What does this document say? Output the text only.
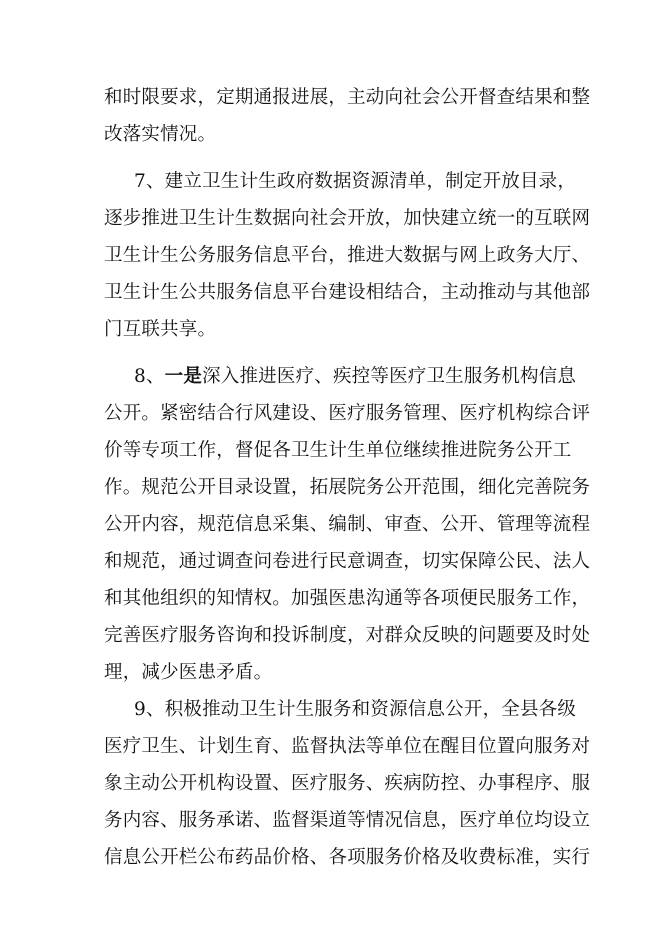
和时限要求，定期通报进展，主动向社会公开督查结果和整
改落实情况。
7、建立卫生计生政府数据资源清单，制定开放目录，
逐步推进卫生计生数据向社会开放，加快建立统一的互联网
卫生计生公务服务信息平台，推进大数据与网上政务大厅、
卫生计生公共服务信息平台建设相结合，主动推动与其他部
门互联共享。
8、一是深入推进医疗、疾控等医疗卫生服务机构信息
公开。紧密结合行风建设、医疗服务管理、医疗机构综合评
价等专项工作，督促各卫生计生单位继续推进院务公开工
作。规范公开目录设置，拓展院务公开范围，细化完善院务
公开内容，规范信息采集、编制、审查、公开、管理等流程
和规范，通过调查问卷进行民意调查，切实保障公民、法人
和其他组织的知情权。加强医患沟通等各项便民服务工作，
完善医疗服务咨询和投诉制度，对群众反映的问题要及时处
理，减少医患矛盾。
9、积极推动卫生计生服务和资源信息公开，全县各级
医疗卫生、计划生育、监督执法等单位在醒目位置向服务对
象主动公开机构设置、医疗服务、疾病防控、办事程序、服
务内容、服务承诺、监督渠道等情况信息，医疗单位均设立
信息公开栏公布药品价格、各项服务价格及收费标准，实行
